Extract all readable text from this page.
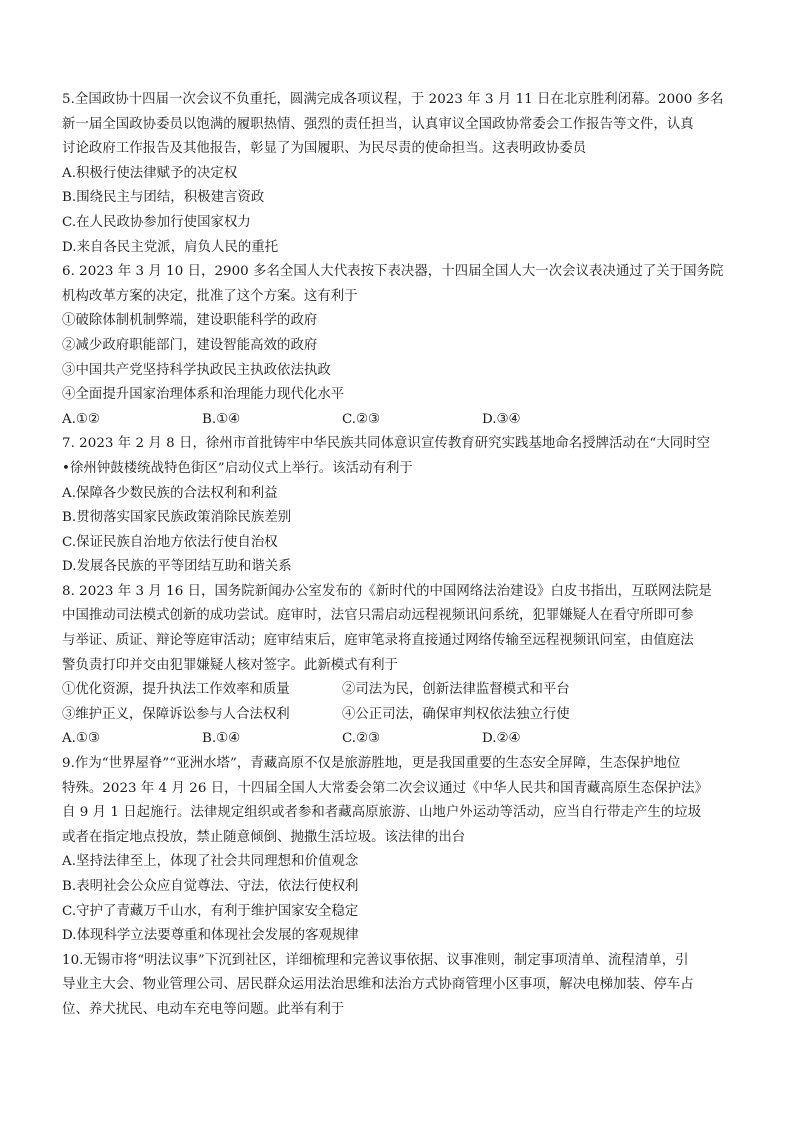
5.全国政协十四届一次会议不负重托，圆满完成各项议程，于 2023 年 3 月 11 日在北京胜利闭幕。2000 多名
新一届全国政协委员以饱满的履职热情、强烈的责任担当，认真审议全国政协常委会工作报告等文件，认真
讨论政府工作报告及其他报告，彰显了为国履职、为民尽责的使命担当。这表明政协委员
A.积极行使法律赋予的决定权
B.围绕民主与团结，积极建言资政
C.在人民政协参加行使国家权力
D.来自各民主党派，肩负人民的重托
6. 2023 年 3 月 10 日，2900 多名全国人大代表按下表决器，十四届全国人大一次会议表决通过了关于国务院
机构改革方案的决定，批准了这个方案。这有利于
①破除体制机制弊端，建设职能科学的政府
②减少政府职能部门，建设智能高效的政府
③中国共产党坚持科学执政民主执政依法执政
④全面提升国家治理体系和治理能力现代化水平
A.①②	B.①④	C.②③	D.③④
7. 2023 年 2 月 8 日，徐州市首批铸牢中华民族共同体意识宣传教育研究实践基地命名授牌活动在“大同时空
•徐州钟鼓楼统战特色街区”启动仪式上举行。该活动有利于
A.保障各少数民族的合法权利和利益
B.贯彻落实国家民族政策消除民族差别
C.保证民族自治地方依法行使自治权
D.发展各民族的平等团结互助和谐关系
8. 2023 年 3 月 16 日，国务院新闻办公室发布的《新时代的中国网络法治建设》白皮书指出，互联网法院是
中国推动司法模式创新的成功尝试。庭审时，法官只需启动远程视频讯问系统，犯罪嫌疑人在看守所即可参
与举证、质证、辩论等庭审活动；庭审结束后，庭审笔录将直接通过网络传输至远程视频讯问室，由值庭法
警负责打印并交由犯罪嫌疑人核对签字。此新模式有利于
①优化资源，提升执法工作效率和质量	②司法为民，创新法律监督模式和平台
③维护正义，保障诉讼参与人合法权利	④公正司法，确保审判权依法独立行使
A.①③	B.①④	C.②③	D.②④
9.作为“世界屋脊”“亚洲水塔”，青藏高原不仅是旅游胜地，更是我国重要的生态安全屏障，生态保护地位
特殊。2023 年 4 月 26 日，十四届全国人大常委会第二次会议通过《中华人民共和国青藏高原生态保护法》
自 9 月 1 日起施行。法律规定组织或者参和者藏高原旅游、山地户外运动等活动，应当自行带走产生的垃圾
或者在指定地点投放，禁止随意倾倒、抛撒生活垃圾。该法律的出台
A.坚持法律至上，体现了社会共同理想和价值观念
B.表明社会公众应自觉尊法、守法，依法行使权利
C.守护了青藏万千山水，有利于维护国家安全稳定
D.体现科学立法要尊重和体现社会发展的客观规律
10.无锡市将“明法议事”下沉到社区，详细梳理和完善议事依据、议事准则，制定事项清单、流程清单，引
导业主大会、物业管理公司、居民群众运用法治思维和法治方式协商管理小区事项，解决电梯加装、停车占
位、养犬扰民、电动车充电等问题。此举有利于
